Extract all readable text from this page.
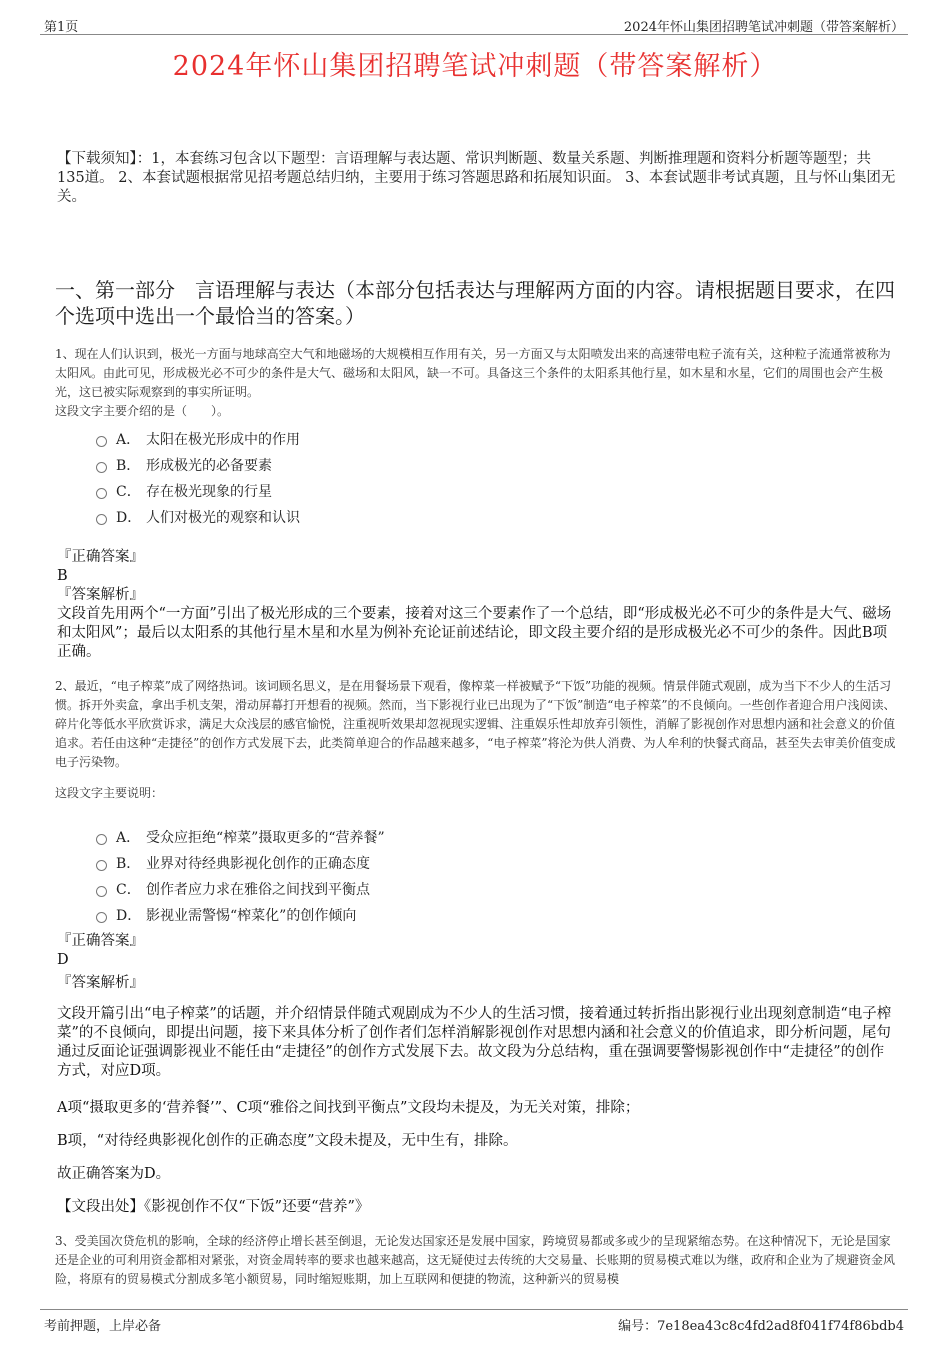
第1页	2024年怀山集团招聘笔试冲刺题（带答案解析）
2024年怀山集团招聘笔试冲刺题（带答案解析）
【下载须知】：1，本套练习包含以下题型：言语理解与表达题、常识判断题、数量关系题、判断推理题和资料分析题等题型；共135道。 2、本套试题根据常见招考题总结归纳，主要用于练习答题思路和拓展知识面。 3、本套试题非考试真题，且与怀山集团无关。
一、第一部分　言语理解与表达（本部分包括表达与理解两方面的内容。请根据题目要求，在四个选项中选出一个最恰当的答案。）
1、现在人们认识到，极光一方面与地球高空大气和地磁场的大规模相互作用有关，另一方面又与太阳喷发出来的高速带电粒子流有关，这种粒子流通常被称为太阳风。由此可见，形成极光必不可少的条件是大气、磁场和太阳风，缺一不可。具备这三个条件的太阳系其他行星，如木星和水星，它们的周围也会产生极光，这已被实际观察到的事实所证明。
这段文字主要介绍的是（　　）。
A． 太阳在极光形成中的作用
B． 形成极光的必备要素
C． 存在极光现象的行星
D． 人们对极光的观察和认识
『正确答案』
B
『答案解析』
文段首先用两个“一方面”引出了极光形成的三个要素，接着对这三个要素作了一个总结，即“形成极光必不可少的条件是大气、磁场和太阳风”；最后以太阳系的其他行星木星和水星为例补充论证前述结论，即文段主要介绍的是形成极光必不可少的条件。因此B项正确。
2、最近，“电子榨菜”成了网络热词。该词顾名思义，是在用餐场景下观看，像榨菜一样被赋予“下饭”功能的视频。情景伴随式观剧，成为当下不少人的生活习惯。拆开外卖盒，拿出手机支架，滑动屏幕打开想看的视频。然而，当下影视行业已出现为了“下饭”制造“电子榨菜”的不良倾向。一些创作者迎合用户浅阅读、碎片化等低水平欣赏诉求，满足大众浅层的感官愉悦，注重视听效果却忽视现实逻辑、注重娱乐性却放弃引领性，消解了影视创作对思想内涵和社会意义的价值追求。若任由这种“走捷径”的创作方式发展下去，此类简单迎合的作品越来越多，“电子榨菜”将沦为供人消费、为人牟利的快餐式商品，甚至失去审美价值变成电子污染物。
这段文字主要说明：
A． 受众应拒绝“榨菜”摄取更多的“营养餐”
B． 业界对待经典影视化创作的正确态度
C． 创作者应力求在雅俗之间找到平衡点
D． 影视业需警惕“榨菜化”的创作倾向
『正确答案』
D
『答案解析』
文段开篇引出“电子榨菜”的话题，并介绍情景伴随式观剧成为不少人的生活习惯，接着通过转折指出影视行业出现刻意制造“电子榨菜”的不良倾向，即提出问题，接下来具体分析了创作者们怎样消解影视创作对思想内涵和社会意义的价值追求，即分析问题，尾句通过反面论证强调影视业不能任由“走捷径”的创作方式发展下去。故文段为分总结构，重在强调要警惕影视创作中“走捷径”的创作方式，对应D项。
A项“摄取更多的‘营养餐’”、C项“雅俗之间找到平衡点”文段均未提及，为无关对策，排除；
B项，“对待经典影视化创作的正确态度”文段未提及，无中生有，排除。
故正确答案为D。
【文段出处】《影视创作不仅“下饭”还要“营养”》
3、受美国次贷危机的影响，全球的经济停止增长甚至倒退，无论发达国家还是发展中国家，跨境贸易都或多或少的呈现紧缩态势。在这种情况下，无论是国家还是企业的可利用资金都相对紧张，对资金周转率的要求也越来越高，这无疑使过去传统的大交易量、长账期的贸易模式难以为继，政府和企业为了规避资金风险，将原有的贸易模式分割成多笔小额贸易，同时缩短账期，加上互联网和便捷的物流，这种新兴的贸易模
考前押题，上岸必备	编号：7e18ea43c8c4fd2ad8f041f74f86bdb4
